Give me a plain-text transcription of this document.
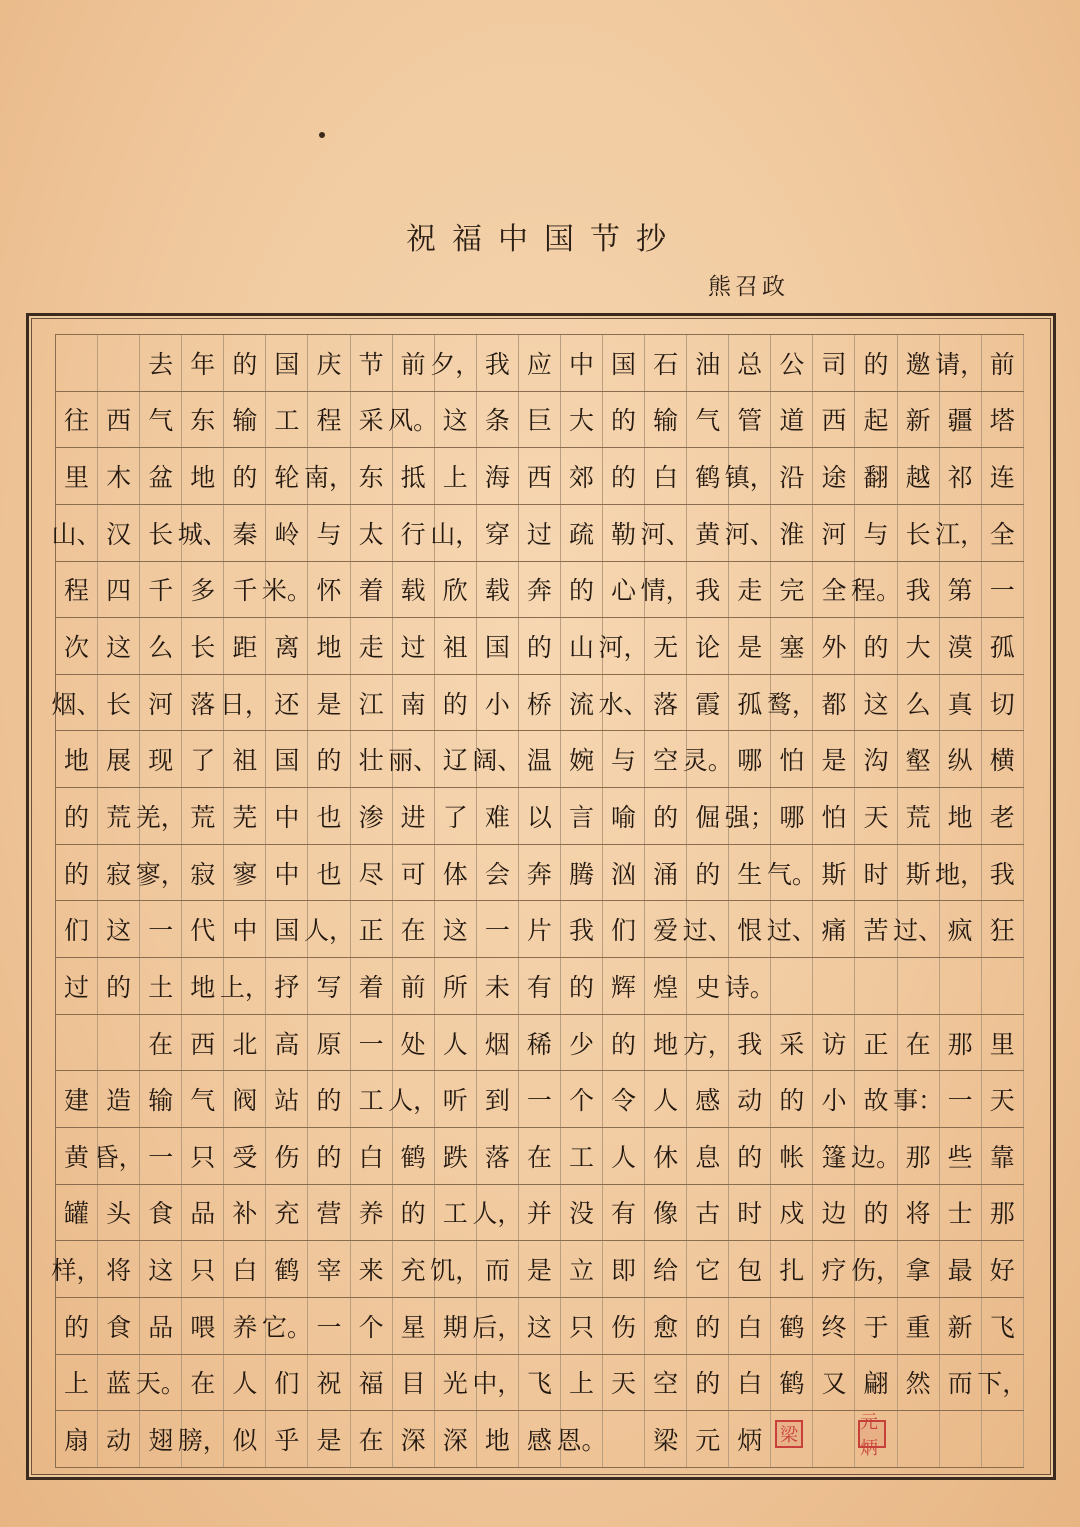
祝福中国节抄
熊召政
去 年 的 国 庆 节 前 夕， 我 应 中 国 石 油 总 公 司 的 邀 请， 前
往 西 气 东 输 工 程 采 风。 这 条 巨 大 的 输 气 管 道 西 起 新 疆 塔
里 木 盆 地 的 轮 南， 东 抵 上 海 西 郊 的 白 鹤 镇， 沿 途 翻 越 祁 连
山、 汉 长 城、 秦 岭 与 太 行 山， 穿 过 疏 勒 河、 黄 河、 淮 河 与 长 江， 全
程 四 千 多 千 米。 怀 着 载 欣 载 奔 的 心 情， 我 走 完 全 程。 我 第 一
次 这 么 长 距 离 地 走 过 祖 国 的 山 河， 无 论 是 塞 外 的 大 漠 孤
烟、 长 河 落 日， 还 是 江 南 的 小 桥 流 水、 落 霞 孤 鹜， 都 这 么 真 切
地 展 现 了 祖 国 的 壮 丽、 辽 阔、 温 婉 与 空 灵。 哪 怕 是 沟 壑 纵 横
的 荒 羌， 荒 芜 中 也 渗 进 了 难 以 言 喻 的 倔 强； 哪 怕 天 荒 地 老
的 寂 寥， 寂 寥 中 也 尽 可 体 会 奔 腾 汹 涌 的 生 气。 斯 时 斯 地， 我
们 这 一 代 中 国 人， 正 在 这 一 片 我 们 爱 过、 恨 过、 痛 苦 过、 疯 狂
过 的 土 地 上， 抒 写 着 前 所 未 有 的 辉 煌 史 诗。
在 西 北 高 原 一 处 人 烟 稀 少 的 地 方， 我 采 访 正 在 那 里
建 造 输 气 阀 站 的 工 人， 听 到 一 个 令 人 感 动 的 小 故 事： 一 天
黄 昏， 一 只 受 伤 的 白 鹤 跌 落 在 工 人 休 息 的 帐 篷 边。 那 些 靠
罐 头 食 品 补 充 营 养 的 工 人， 并 没 有 像 古 时 戍 边 的 将 士 那
样， 将 这 只 白 鹤 宰 来 充 饥， 而 是 立 即 给 它 包 扎 疗 伤， 拿 最 好
的 食 品 喂 养 它。 一 个 星 期 后， 这 只 伤 愈 的 白 鹤 终 于 重 新 飞
上 蓝 天。 在 人 们 祝 福 目 光 中， 飞 上 天 空 的 白 鹤 又 翩 然 而 下，
扇 动 翅 膀， 似 乎 是 在 深 深 地 感 恩。	梁 元 炳 梁
元炳
